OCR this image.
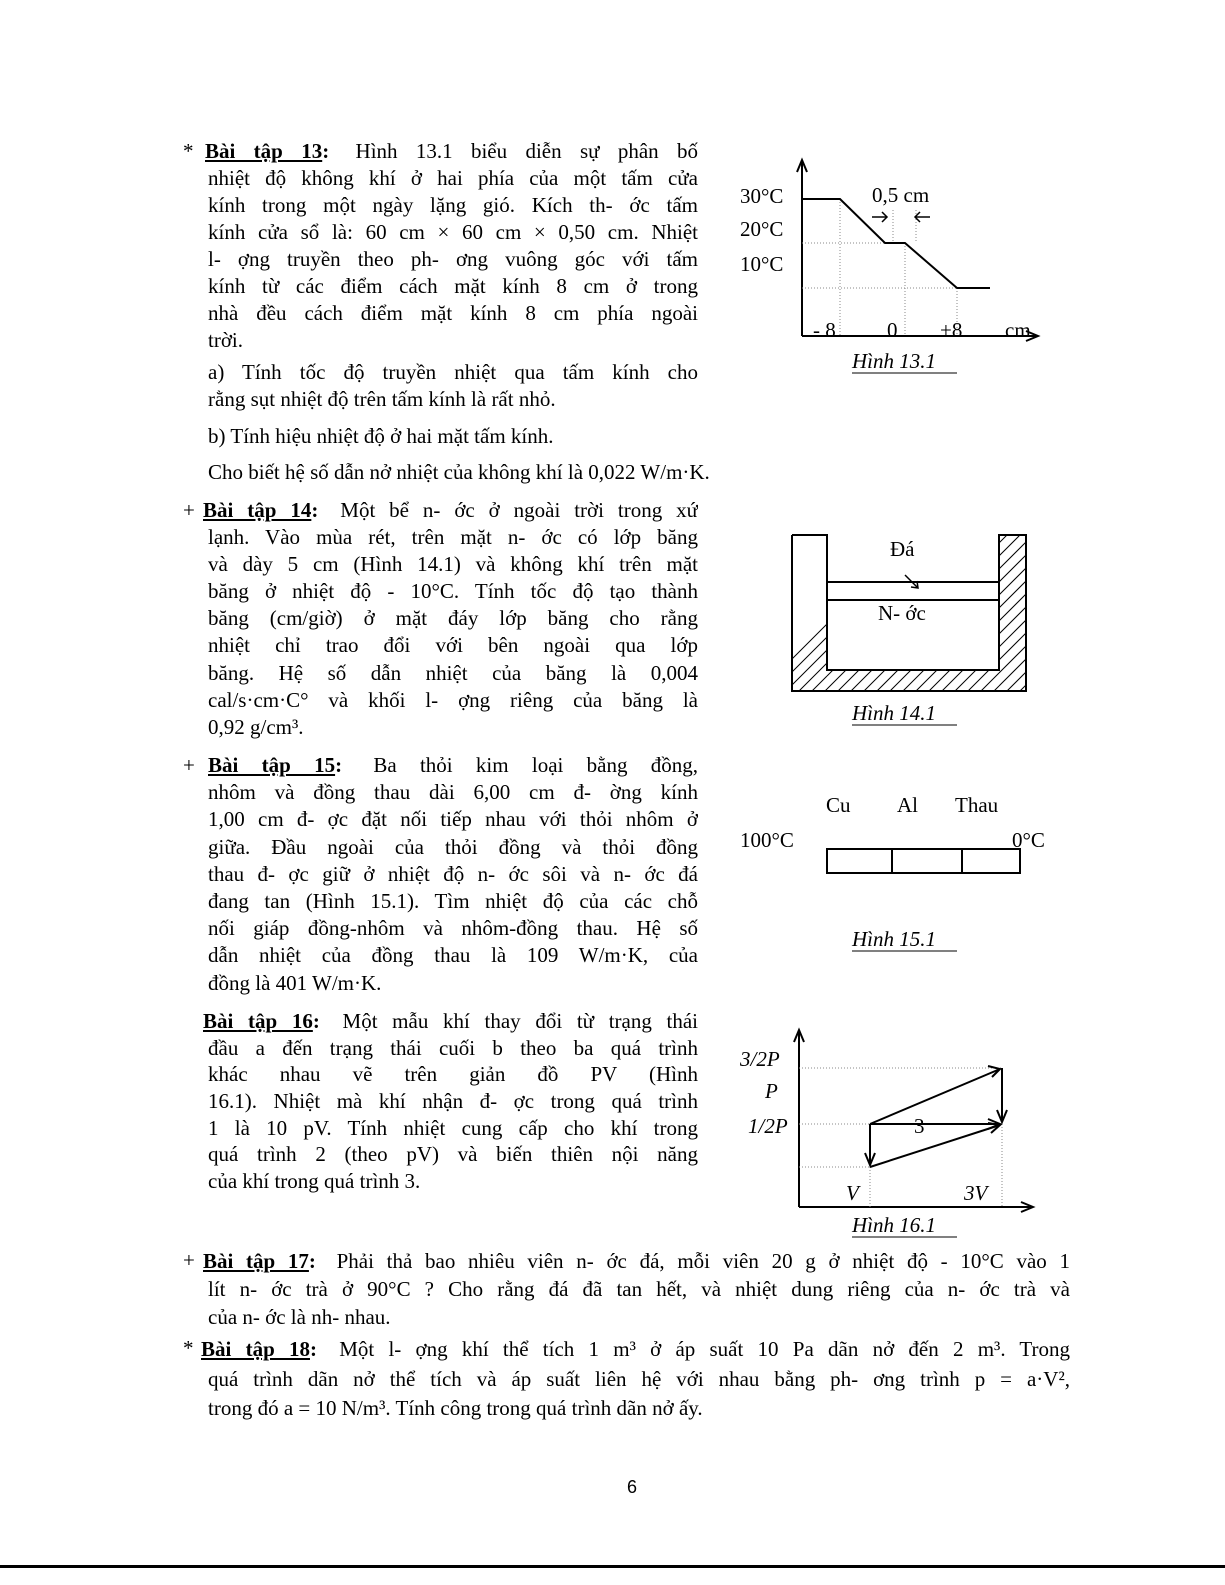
* Bài tập 13: Hình 13.1 biểu diễn sự phân bố
nhiệt độ không khí ở hai phía của một tấm cửa
kính trong một ngày lặng gió. Kích th- ớc tấm
kính cửa sổ là: 60 cm × 60 cm × 0,50 cm. Nhiệt
l- ợng truyền theo ph- ơng vuông góc với tấm
kính từ các điểm cách mặt kính 8 cm ở trong
nhà đều cách điểm mặt kính 8 cm phía ngoài
trời.
a) Tính tốc độ truyền nhiệt qua tấm kính cho
rằng sụt nhiệt độ trên tấm kính là rất nhỏ.
b) Tính hiệu nhiệt độ ở hai mặt tấm kính.
Cho biết hệ số dẫn nở nhiệt của không khí là 0,022 W/m·K.
+ Bài tập 14: Một bể n- ớc ở ngoài trời trong xứ
lạnh. Vào mùa rét, trên mặt n- ớc có lớp băng
và dày 5 cm (Hình 14.1) và không khí trên mặt
băng ở nhiệt độ - 10°C. Tính tốc độ tạo thành
băng (cm/giờ) ở mặt đáy lớp băng cho rằng
nhiệt chỉ trao đổi với bên ngoài qua lớp
băng. Hệ số dẫn nhiệt của băng là 0,004
cal/s·cm·C° và khối l- ợng riêng của băng là
0,92 g/cm³.
+ Bài tập 15: Ba thỏi kim loại bằng đồng,
nhôm và đồng thau dài 6,00 cm đ- ờng kính
1,00 cm đ- ợc đặt nối tiếp nhau với thỏi nhôm ở
giữa. Đầu ngoài của thỏi đồng và thỏi đồng
thau đ- ợc giữ ở nhiệt độ n- ớc sôi và n- ớc đá
đang tan (Hình 15.1). Tìm nhiệt độ của các chỗ
nối giáp đồng-nhôm và nhôm-đồng thau. Hệ số
dẫn nhiệt của đồng thau là 109 W/m·K, của
đồng là 401 W/m·K.
Bài tập 16: Một mẫu khí thay đổi từ trạng thái
đầu a đến trạng thái cuối b theo ba quá trình
khác nhau vẽ trên giản đồ PV (Hình
16.1). Nhiệt mà khí nhận đ- ợc trong quá trình
1 là 10 pV. Tính nhiệt cung cấp cho khí trong
quá trình 2 (theo pV) và biến thiên nội năng
của khí trong quá trình 3.
+ Bài tập 17: Phải thả bao nhiêu viên n- ớc đá, mỗi viên 20 g ở nhiệt độ - 10°C vào 1
lít n- ớc trà ở 90°C ? Cho rằng đá đã tan hết, và nhiệt dung riêng của n- ớc trà và
của n- ớc là nh- nhau.
* Bài tập 18: Một l- ợng khí thể tích 1 m³ ở áp suất 10 Pa dãn nở đến 2 m³. Trong
quá trình dãn nở thể tích và áp suất liên hệ với nhau bằng ph- ơng trình p = a·V²,
trong đó a = 10 N/m³. Tính công trong quá trình dãn nở ấy.
30°C
20°C
10°C
0,5 cm
- 8 0 +8 cm
Hình 13.1
Đá
N- ớc
Hình 14.1
Cu Al Thau
100°C	0°C
Hình 15.1
3/2P
P
1/2P
V	3V
3
Hình 16.1
6
